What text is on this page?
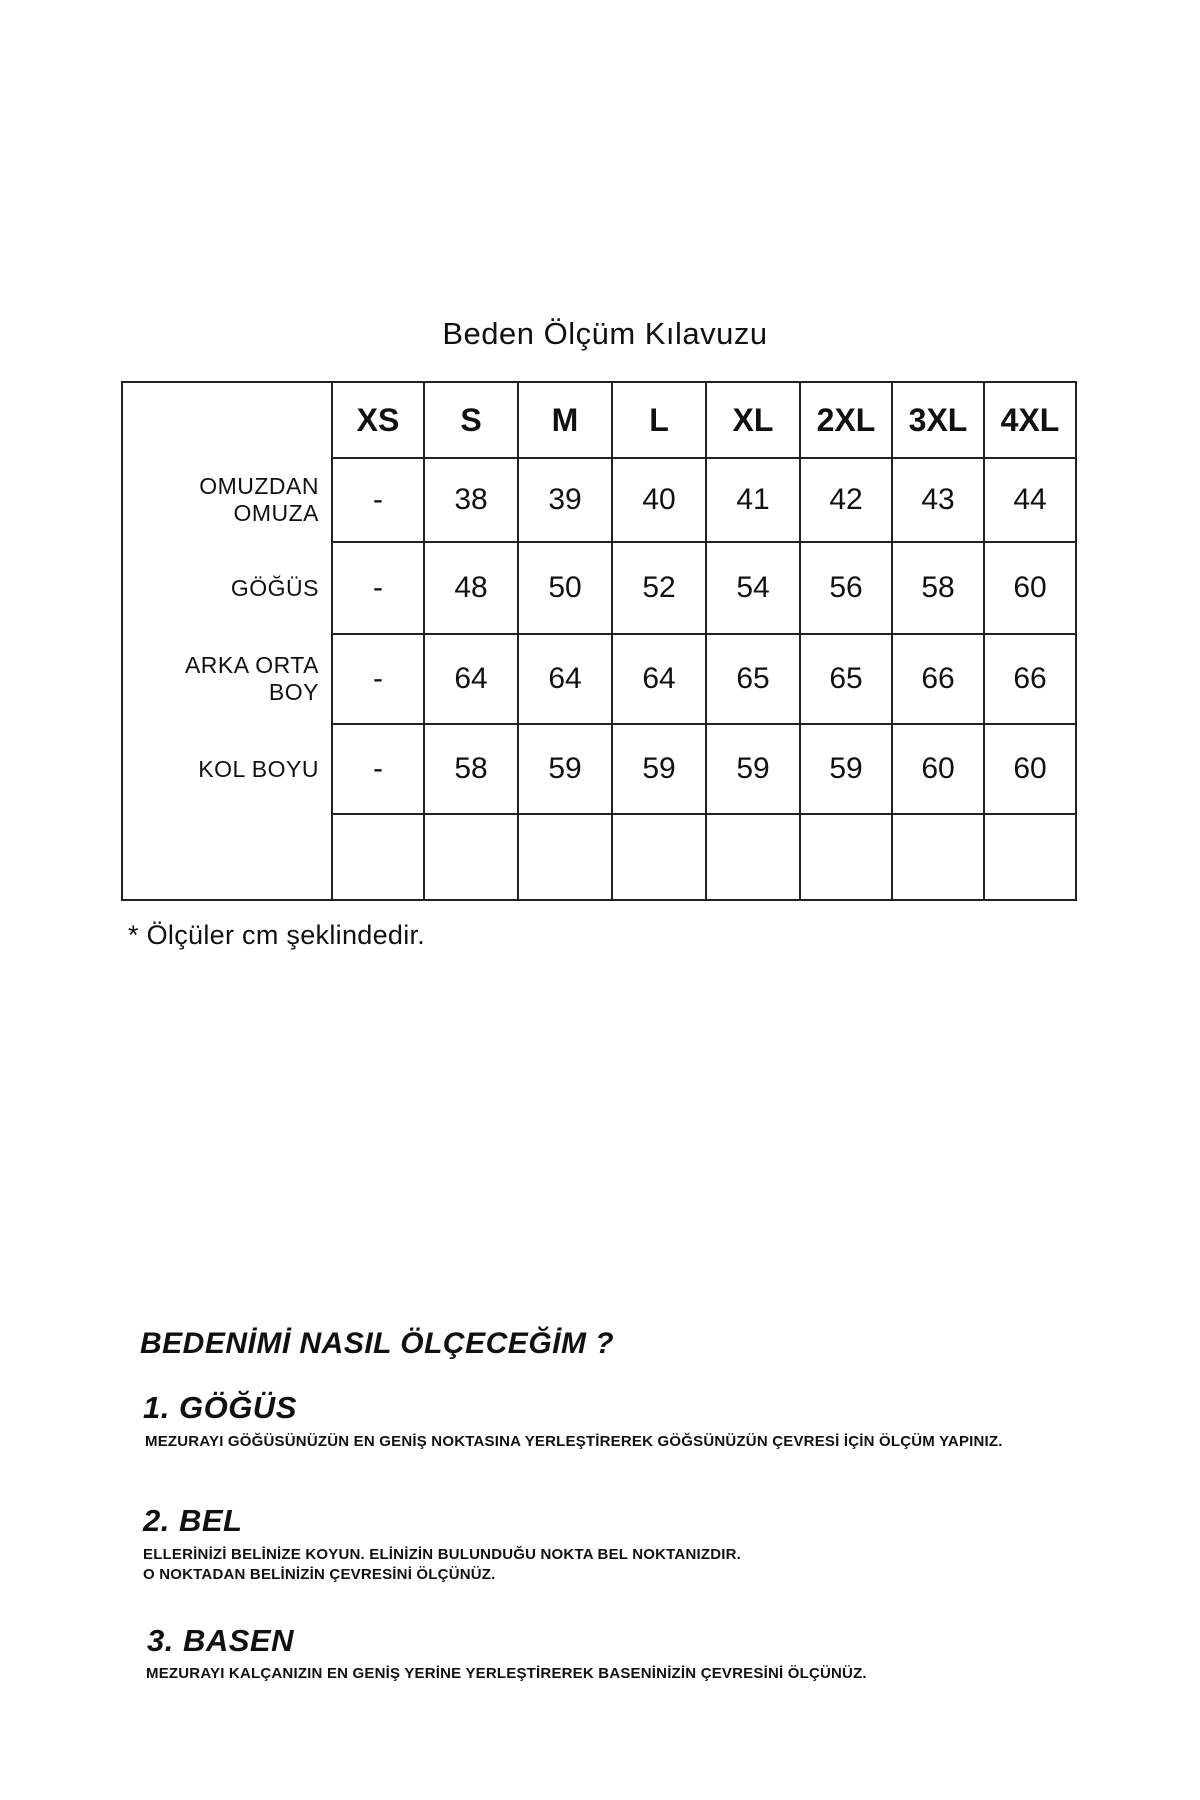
Beden Ölçüm Kılavuzu
	XS	S	M	L	XL	2XL	3XL	4XL
OMUZDAN
OMUZA	-	38	39	40	41	42	43	44
GÖĞÜS	-	48	50	52	54	56	58	60
ARKA ORTA
BOY	-	64	64	64	65	65	66	66
KOL BOYU	-	58	59	59	59	59	60	60

* Ölçüler cm şeklindedir.
BEDENİMİ NASIL ÖLÇECEĞİM ?
1. GÖĞÜS
MEZURAYI GÖĞÜSÜNÜZÜN EN GENİŞ NOKTASINA YERLEŞTİREREK GÖĞSÜNÜZÜN ÇEVRESİ İÇİN ÖLÇÜM YAPINIZ.
2. BEL
ELLERİNİZİ BELİNİZE KOYUN. ELİNİZİN BULUNDUĞU NOKTA BEL NOKTANIZDIR.
O NOKTADAN BELİNİZİN ÇEVRESİNİ ÖLÇÜNÜZ.
3. BASEN
MEZURAYI KALÇANIZIN EN GENİŞ YERİNE YERLEŞTİREREK BASENİNİZİN ÇEVRESİNİ ÖLÇÜNÜZ.
